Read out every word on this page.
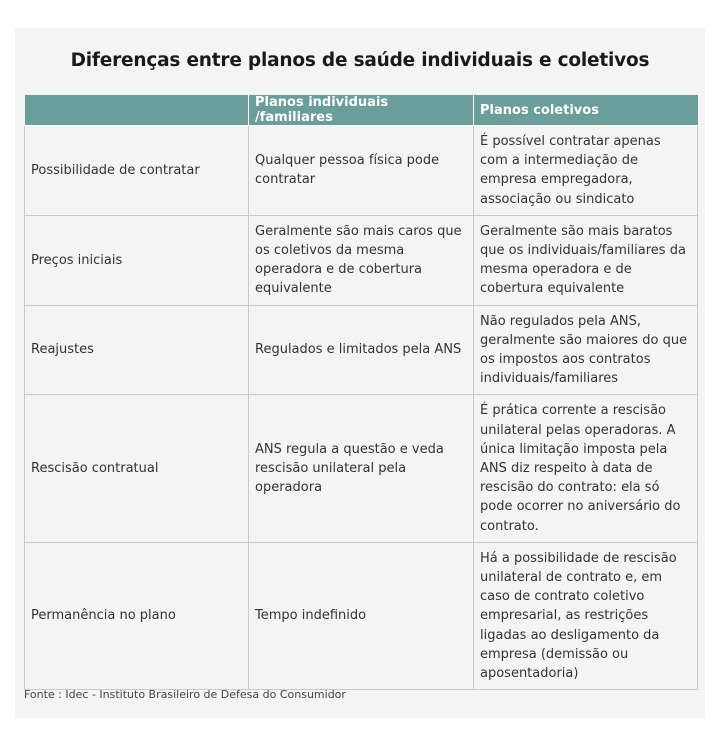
Diferenças entre planos de saúde individuais e coletivos
	Planos individuais /familiares	Planos coletivos
Possibilidade de contratar	Qualquer pessoa física pode contratar	É possível contratar apenas com a intermediação de empresa empregadora, associação ou sindicato
Preços iniciais	Geralmente são mais caros que os coletivos da mesma operadora e de cobertura equivalente	Geralmente são mais baratos que os individuais/familiares da mesma operadora e de cobertura equivalente
Reajustes	Regulados e limitados pela ANS	Não regulados pela ANS, geralmente são maiores do que os impostos aos contratos individuais/familiares
Rescisão contratual	ANS regula a questão e veda rescisão unilateral pela operadora	É prática corrente a rescisão unilateral pelas operadoras. A única limitação imposta pela ANS diz respeito à data de rescisão do contrato: ela só pode ocorrer no aniversário do contrato.
Permanência no plano	Tempo indefinido	Há a possibilidade de rescisão unilateral de contrato e, em caso de contrato coletivo empresarial, as restrições ligadas ao desligamento da empresa (demissão ou aposentadoria)
Fonte : Idec - Instituto Brasileiro de Defesa do Consumidor
